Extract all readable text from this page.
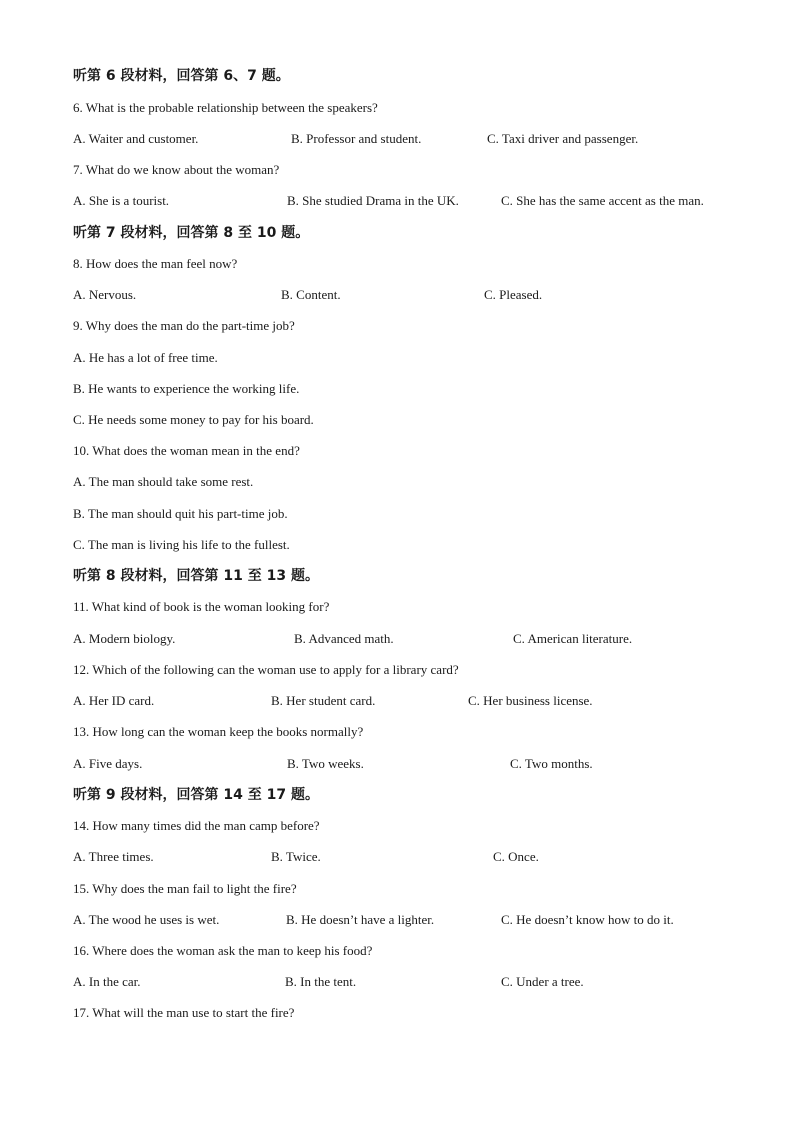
听第 6 段材料，回答第 6、7 题。
6. What is the probable relationship between the speakers?
A. Waiter and customer.	B. Professor and student.	C. Taxi driver and passenger.
7. What do we know about the woman?
A. She is a tourist.	B. She studied Drama in the UK.	C. She has the same accent as the man.
听第 7 段材料，回答第 8 至 10 题。
8. How does the man feel now?
A. Nervous.	B. Content.	C. Pleased.
9. Why does the man do the part-time job?
A. He has a lot of free time.
B. He wants to experience the working life.
C. He needs some money to pay for his board.
10. What does the woman mean in the end?
A. The man should take some rest.
B. The man should quit his part-time job.
C. The man is living his life to the fullest.
听第 8 段材料，回答第 11 至 13 题。
11. What kind of book is the woman looking for?
A. Modern biology.	B. Advanced math.	C. American literature.
12. Which of the following can the woman use to apply for a library card?
A. Her ID card.	B. Her student card.	C. Her business license.
13. How long can the woman keep the books normally?
A. Five days.	B. Two weeks.	C. Two months.
听第 9 段材料，回答第 14 至 17 题。
14. How many times did the man camp before?
A. Three times.	B. Twice.	C. Once.
15. Why does the man fail to light the fire?
A. The wood he uses is wet.	B. He doesn’t have a lighter.	C. He doesn’t know how to do it.
16. Where does the woman ask the man to keep his food?
A. In the car.	B. In the tent.	C. Under a tree.
17. What will the man use to start the fire?
